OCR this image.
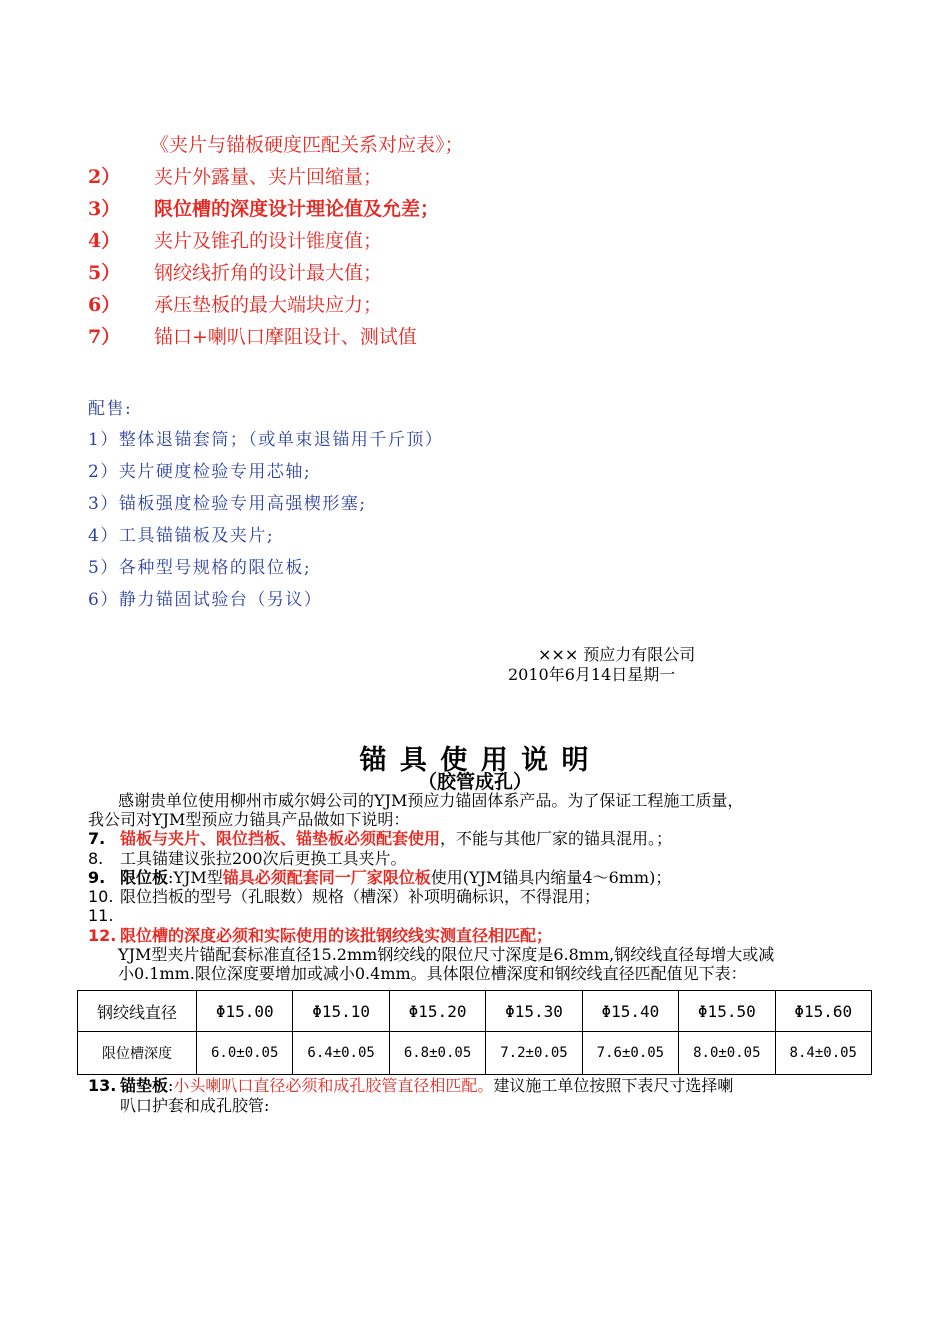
《夹片与锚板硬度匹配关系对应表》；
2） 夹片外露量、夹片回缩量；
3） 限位槽的深度设计理论值及允差；
4） 夹片及锥孔的设计锥度值；
5） 钢绞线折角的设计最大值；
6） 承压垫板的最大端块应力；
7） 锚口+喇叭口摩阻设计、测试值
配售:
1）整体退锚套筒；（或单束退锚用千斤顶）
2）夹片硬度检验专用芯轴;
3）锚板强度检验专用高强楔形塞;
4）工具锚锚板及夹片;
5）各种型号规格的限位板;
6）静力锚固试验台（另议）
××× 预应力有限公司
2010年6月14日星期一
锚 具 使 用 说 明
（胶管成孔）
感谢贵单位使用柳州市威尔姆公司的YJM预应力锚固体系产品。为了保证工程施工质量，
我公司对YJM型预应力锚具产品做如下说明：
7. 锚板与夹片、限位挡板、锚垫板必须配套使用，不能与其他厂家的锚具混用。；
8. 工具锚建议张拉200次后更换工具夹片。
9. 限位板:YJM型锚具必须配套同一厂家限位板使用(YJM锚具内缩量4～6mm)；
10. 限位挡板的型号（孔眼数）规格（槽深）补项明确标识，不得混用；
11.
12. 限位槽的深度必须和实际使用的该批钢绞线实测直径相匹配；
YJM型夹片锚配套标准直径15.2mm钢绞线的限位尺寸深度是6.8mm,钢绞线直径每增大或减
小0.1mm.限位深度要增加或减小0.4mm。具体限位槽深度和钢绞线直径匹配值见下表：
钢绞线直径	Φ15.00	Φ15.10	Φ15.20	Φ15.30	Φ15.40	Φ15.50	Φ15.60
限位槽深度	6.0±0.05	6.4±0.05	6.8±0.05	7.2±0.05	7.6±0.05	8.0±0.05	8.4±0.05
13. 锚垫板:小头喇叭口直径必须和成孔胶管直径相匹配。建议施工单位按照下表尺寸选择喇
叭口护套和成孔胶管:
